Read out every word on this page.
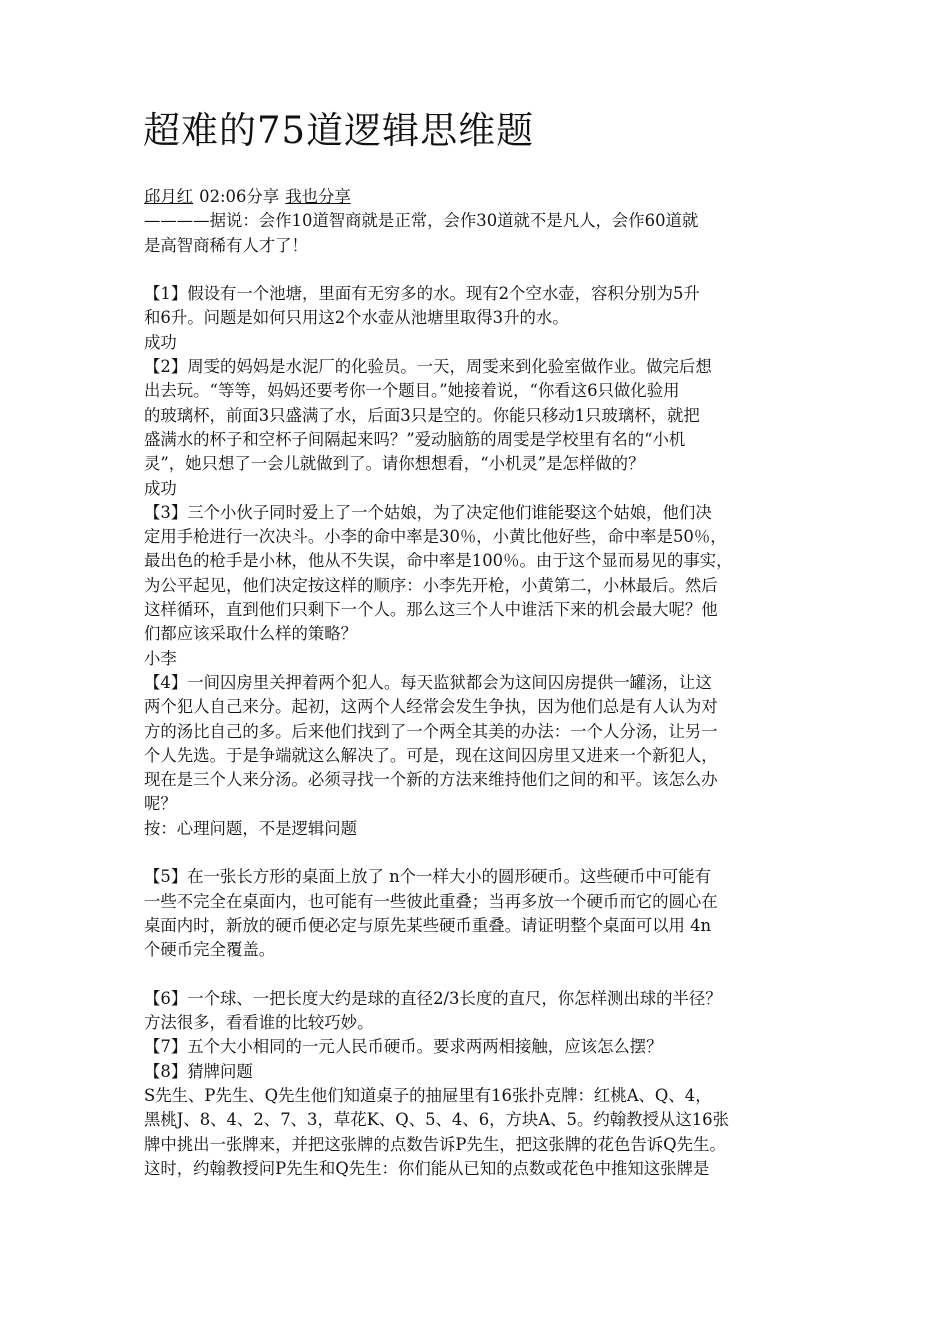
超难的75道逻辑思维题

邱月红 02:06分享 我也分享

————据说：会作10道智商就是正常，会作30道就不是凡人，会作60道就

是高智商稀有人才了！

【1】假设有一个池塘，里面有无穷多的水。现有2个空水壶，容积分别为5升

和6升。问题是如何只用这2个水壶从池塘里取得3升的水。

成功

【2】周雯的妈妈是水泥厂的化验员。一天，周雯来到化验室做作业。做完后想

出去玩。“等等，妈妈还要考你一个题目。”她接着说，“你看这6只做化验用

的玻璃杯，前面3只盛满了水，后面3只是空的。你能只移动1只玻璃杯，就把

盛满水的杯子和空杯子间隔起来吗？”爱动脑筋的周雯是学校里有名的“小机

灵”，她只想了一会儿就做到了。请你想想看，“小机灵”是怎样做的？

成功

【3】三个小伙子同时爱上了一个姑娘，为了决定他们谁能娶这个姑娘，他们决

定用手枪进行一次决斗。小李的命中率是30％，小黄比他好些，命中率是50％，

最出色的枪手是小林，他从不失误，命中率是100％。由于这个显而易见的事实，

为公平起见，他们决定按这样的顺序：小李先开枪，小黄第二，小林最后。然后

这样循环，直到他们只剩下一个人。那么这三个人中谁活下来的机会最大呢？他

们都应该采取什么样的策略？

小李

【4】一间囚房里关押着两个犯人。每天监狱都会为这间囚房提供一罐汤，让这

两个犯人自己来分。起初，这两个人经常会发生争执，因为他们总是有人认为对

方的汤比自己的多。后来他们找到了一个两全其美的办法：一个人分汤，让另一

个人先选。于是争端就这么解决了。可是，现在这间囚房里又进来一个新犯人，

现在是三个人来分汤。必须寻找一个新的方法来维持他们之间的和平。该怎么办

呢？

按：心理问题，不是逻辑问题

【5】在一张长方形的桌面上放了 n个一样大小的圆形硬币。这些硬币中可能有

一些不完全在桌面内，也可能有一些彼此重叠；当再多放一个硬币而它的圆心在

桌面内时，新放的硬币便必定与原先某些硬币重叠。请证明整个桌面可以用 4n

个硬币完全覆盖。

【6】一个球、一把长度大约是球的直径2/3长度的直尺，你怎样测出球的半径？

方法很多，看看谁的比较巧妙。

【7】五个大小相同的一元人民币硬币。要求两两相接触，应该怎么摆？

【8】猜牌问题

S先生、P先生、Q先生他们知道桌子的抽屉里有16张扑克牌：红桃A、Q、4，

黑桃J、8、4、2、7、3，草花K、Q、5、4、6，方块A、5。约翰教授从这16张

牌中挑出一张牌来，并把这张牌的点数告诉P先生，把这张牌的花色告诉Q先生。

这时，约翰教授问P先生和Q先生：你们能从已知的点数或花色中推知这张牌是
